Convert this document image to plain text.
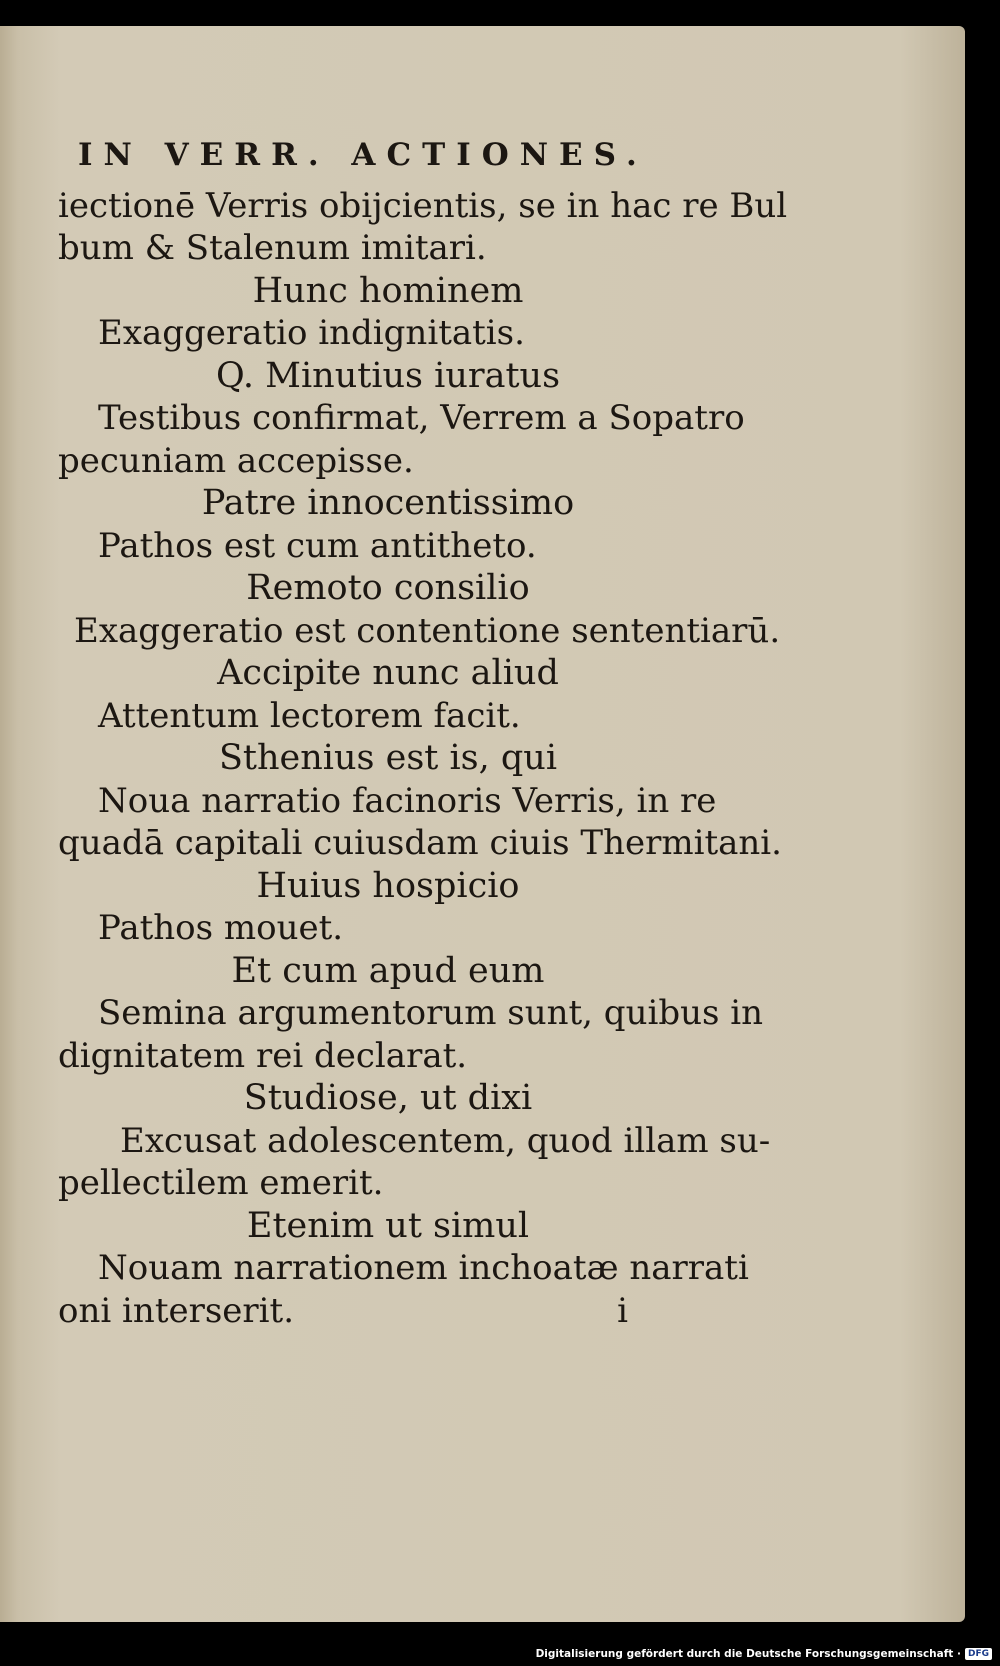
IN VERR. ACTIONES.
iectionē Verris obijcientis, se in hac re Bul
bum & Stalenum imitari.
Hunc hominem
Exaggeratio indignitatis.
Q. Minutius iuratus
Testibus confirmat, Verrem a Sopatro
pecuniam accepisse.
Patre innocentissimo
Pathos est cum antitheto.
Remoto consilio
Exaggeratio est contentione sententiarū.
Accipite nunc aliud
Attentum lectorem facit.
Sthenius est is, qui
Noua narratio facinoris Verris, in re
quadā capitali cuiusdam ciuis Thermitani.
Huius hospicio
Pathos mouet.
Et cum apud eum
Semina argumentorum sunt, quibus in
dignitatem rei declarat.
Studiose, ut dixi
Excusat adolescentem, quod illam su-
pellectilem emerit.
Etenim ut simul
Nouam narrationem inchoatæ narrati
oni interserit.	i
Digitalisierung gefördert durch die Deutsche Forschungsgemeinschaft · DFG
